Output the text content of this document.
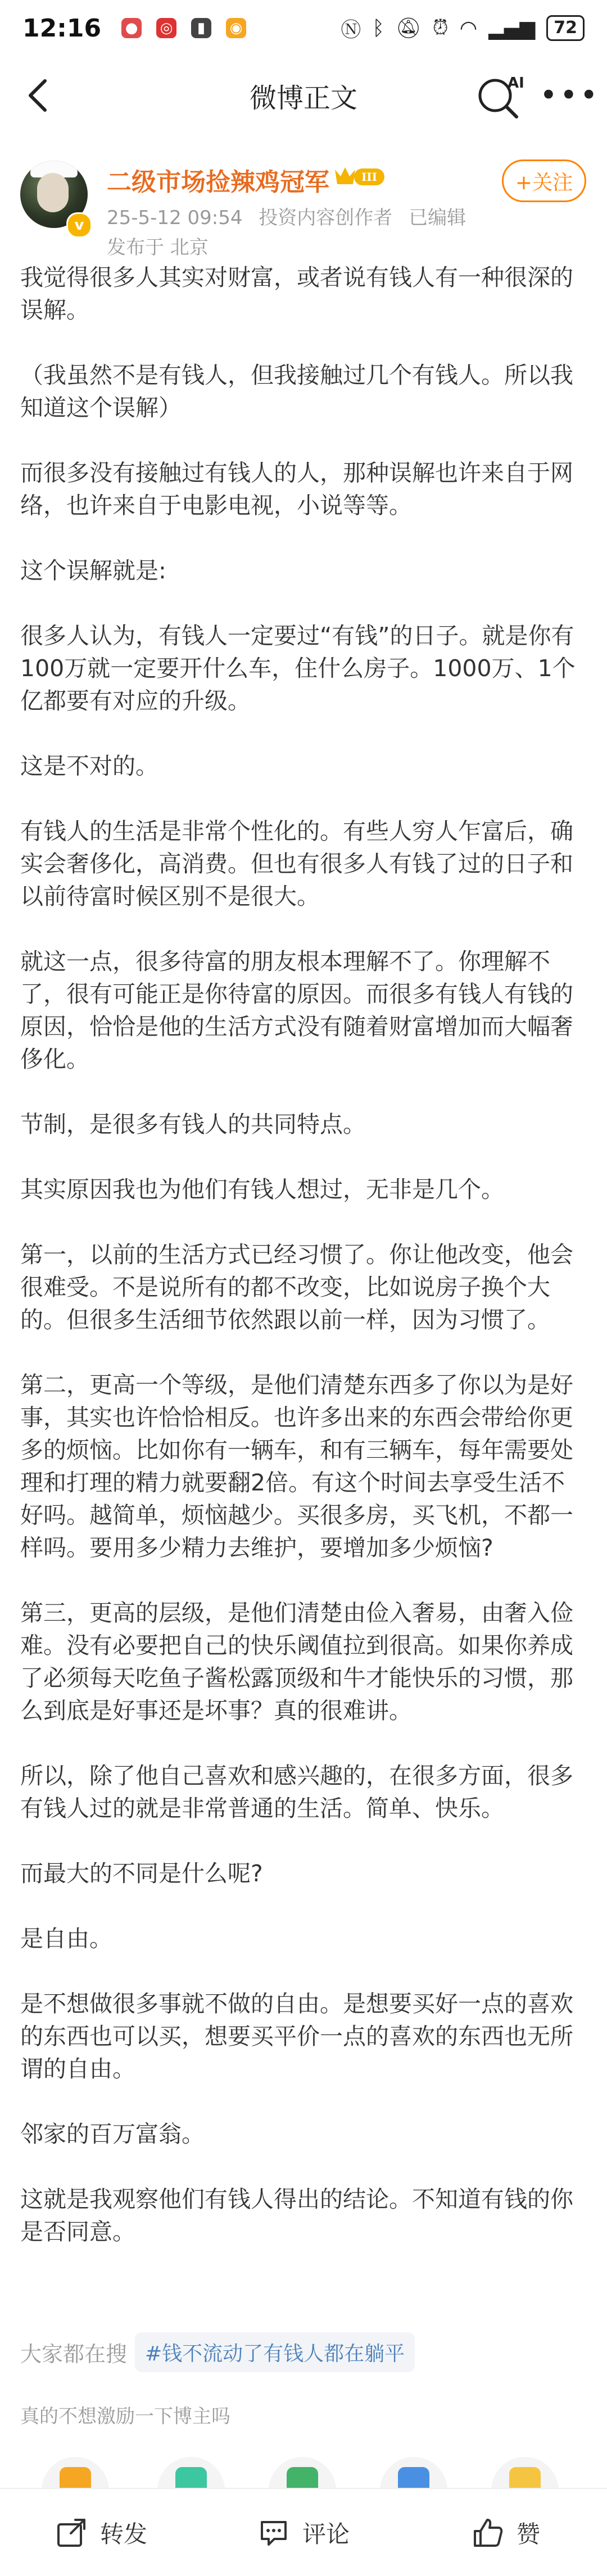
12:16 ● ◎	▮	◉	Ⓝ ᛒ 🔕︎ ⏰︎ ◠ ▂▄▆	72
微博正文	AI •••
v
二级市场捡辣鸡冠军	III
25-5-12 09:54 投资内容创作者 已编辑
发布于 北京
+关注

我觉得很多人其实对财富，或者说有钱人有一种很深的误解。

（我虽然不是有钱人，但我接触过几个有钱人。所以我知道这个误解）

而很多没有接触过有钱人的人，那种误解也许来自于网络，也许来自于电影电视，小说等等。

这个误解就是:

很多人认为，有钱人一定要过“有钱”的日子。就是你有100万就一定要开什么车，住什么房子。1000万、1个亿都要有对应的升级。

这是不对的。

有钱人的生活是非常个性化的。有些人穷人乍富后，确实会奢侈化，高消费。但也有很多人有钱了过的日子和以前待富时候区别不是很大。

就这一点，很多待富的朋友根本理解不了。你理解不了，很有可能正是你待富的原因。而很多有钱人有钱的原因，恰恰是他的生活方式没有随着财富增加而大幅奢侈化。

节制，是很多有钱人的共同特点。

其实原因我也为他们有钱人想过，无非是几个。

第一，以前的生活方式已经习惯了。你让他改变，他会很难受。不是说所有的都不改变，比如说房子换个大的。但很多生活细节依然跟以前一样，因为习惯了。

第二，更高一个等级，是他们清楚东西多了你以为是好事，其实也许恰恰相反。也许多出来的东西会带给你更多的烦恼。比如你有一辆车，和有三辆车，每年需要处理和打理的精力就要翻2倍。有这个时间去享受生活不好吗。越简单，烦恼越少。买很多房，买飞机，不都一样吗。要用多少精力去维护，要增加多少烦恼?

第三，更高的层级，是他们清楚由俭入奢易，由奢入俭难。没有必要把自己的快乐阈值拉到很高。如果你养成了必须每天吃鱼子酱松露顶级和牛才能快乐的习惯，那么到底是好事还是坏事？真的很难讲。

所以，除了他自己喜欢和感兴趣的，在很多方面，很多有钱人过的就是非常普通的生活。简单、快乐。

而最大的不同是什么呢?

是自由。

是不想做很多事就不做的自由。是想要买好一点的喜欢的东西也可以买，想要买平价一点的喜欢的东西也无所谓的自由。

邻家的百万富翁。

这就是我观察他们有钱人得出的结论。不知道有钱的你是否同意。

大家都在搜 #钱不流动了有钱人都在躺平
真的不想激励一下博主吗
转发	评论	赞
